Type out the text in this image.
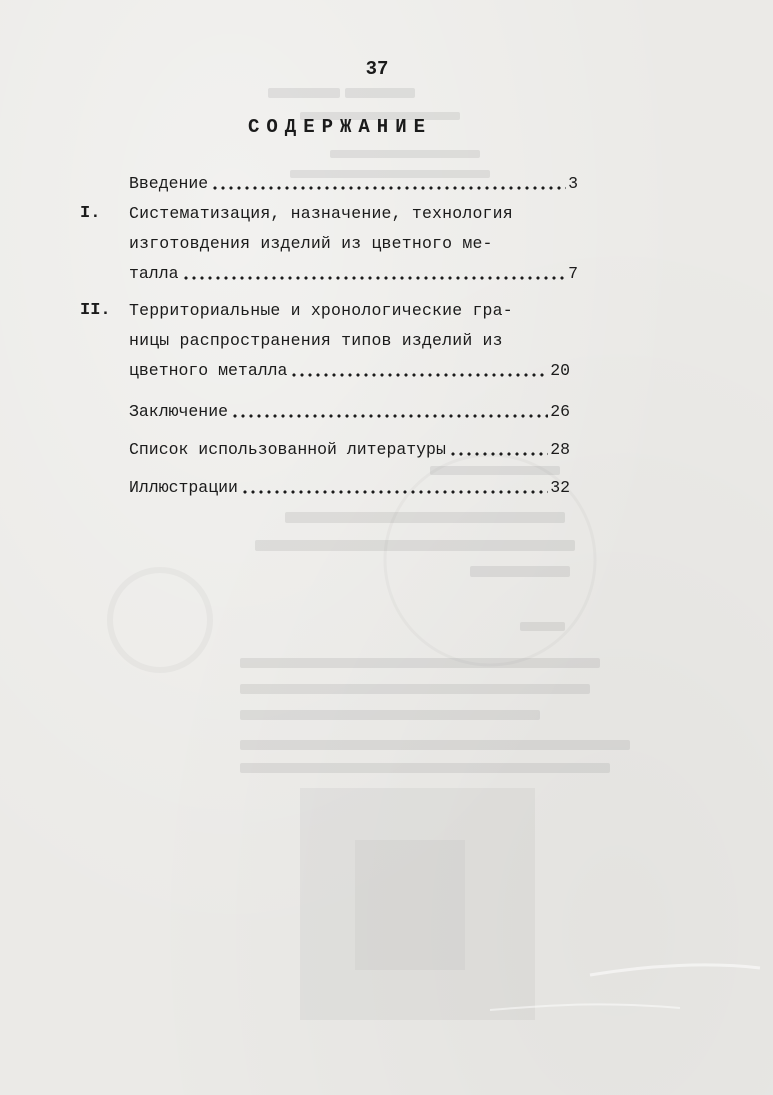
37
СОДЕРЖАНИЕ
Введение	3
I. Систематизация, назначение, технология
изготовдения изделий из цветного ме-
талла	7
II. Территориальные и хронологические гра-
ницы распространения типов изделий из
цветного металла	20
Заключение	26
Список использованной литературы	28
Иллюстрации	32
